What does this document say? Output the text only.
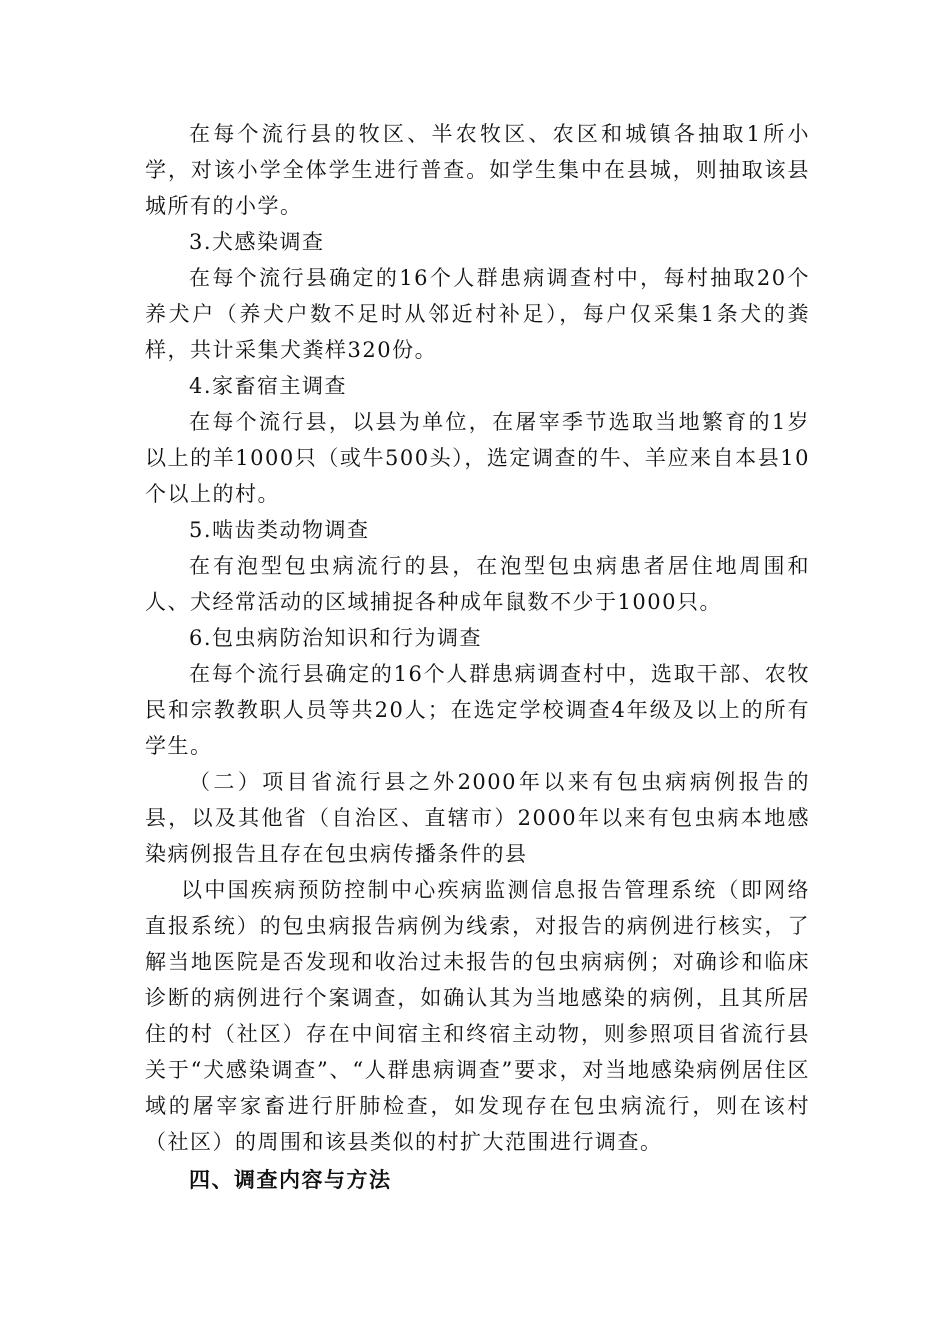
在每个流行县的牧区、半农牧区、农区和城镇各抽取1所小学，对该小学全体学生进行普查。如学生集中在县城，则抽取该县城所有的小学。

3.犬感染调查

在每个流行县确定的16个人群患病调查村中，每村抽取20个养犬户（养犬户数不足时从邻近村补足），每户仅采集1条犬的粪样，共计采集犬粪样320份。

4.家畜宿主调查

在每个流行县，以县为单位，在屠宰季节选取当地繁育的1岁以上的羊1000只（或牛500头），选定调查的牛、羊应来自本县10个以上的村。

5.啮齿类动物调查

在有泡型包虫病流行的县，在泡型包虫病患者居住地周围和人、犬经常活动的区域捕捉各种成年鼠数不少于1000只。

6.包虫病防治知识和行为调查

在每个流行县确定的16个人群患病调查村中，选取干部、农牧民和宗教教职人员等共20人；在选定学校调查4年级及以上的所有学生。

（二）项目省流行县之外2000年以来有包虫病病例报告的县，以及其他省（自治区、直辖市）2000年以来有包虫病本地感染病例报告且存在包虫病传播条件的县

以中国疾病预防控制中心疾病监测信息报告管理系统（即网络直报系统）的包虫病报告病例为线索，对报告的病例进行核实，了解当地医院是否发现和收治过未报告的包虫病病例；对确诊和临床诊断的病例进行个案调查，如确认其为当地感染的病例，且其所居住的村（社区）存在中间宿主和终宿主动物，则参照项目省流行县关于“犬感染调查”、“人群患病调查”要求，对当地感染病例居住区域的屠宰家畜进行肝肺检查，如发现存在包虫病流行，则在该村（社区）的周围和该县类似的村扩大范围进行调查。

四、调查内容与方法
